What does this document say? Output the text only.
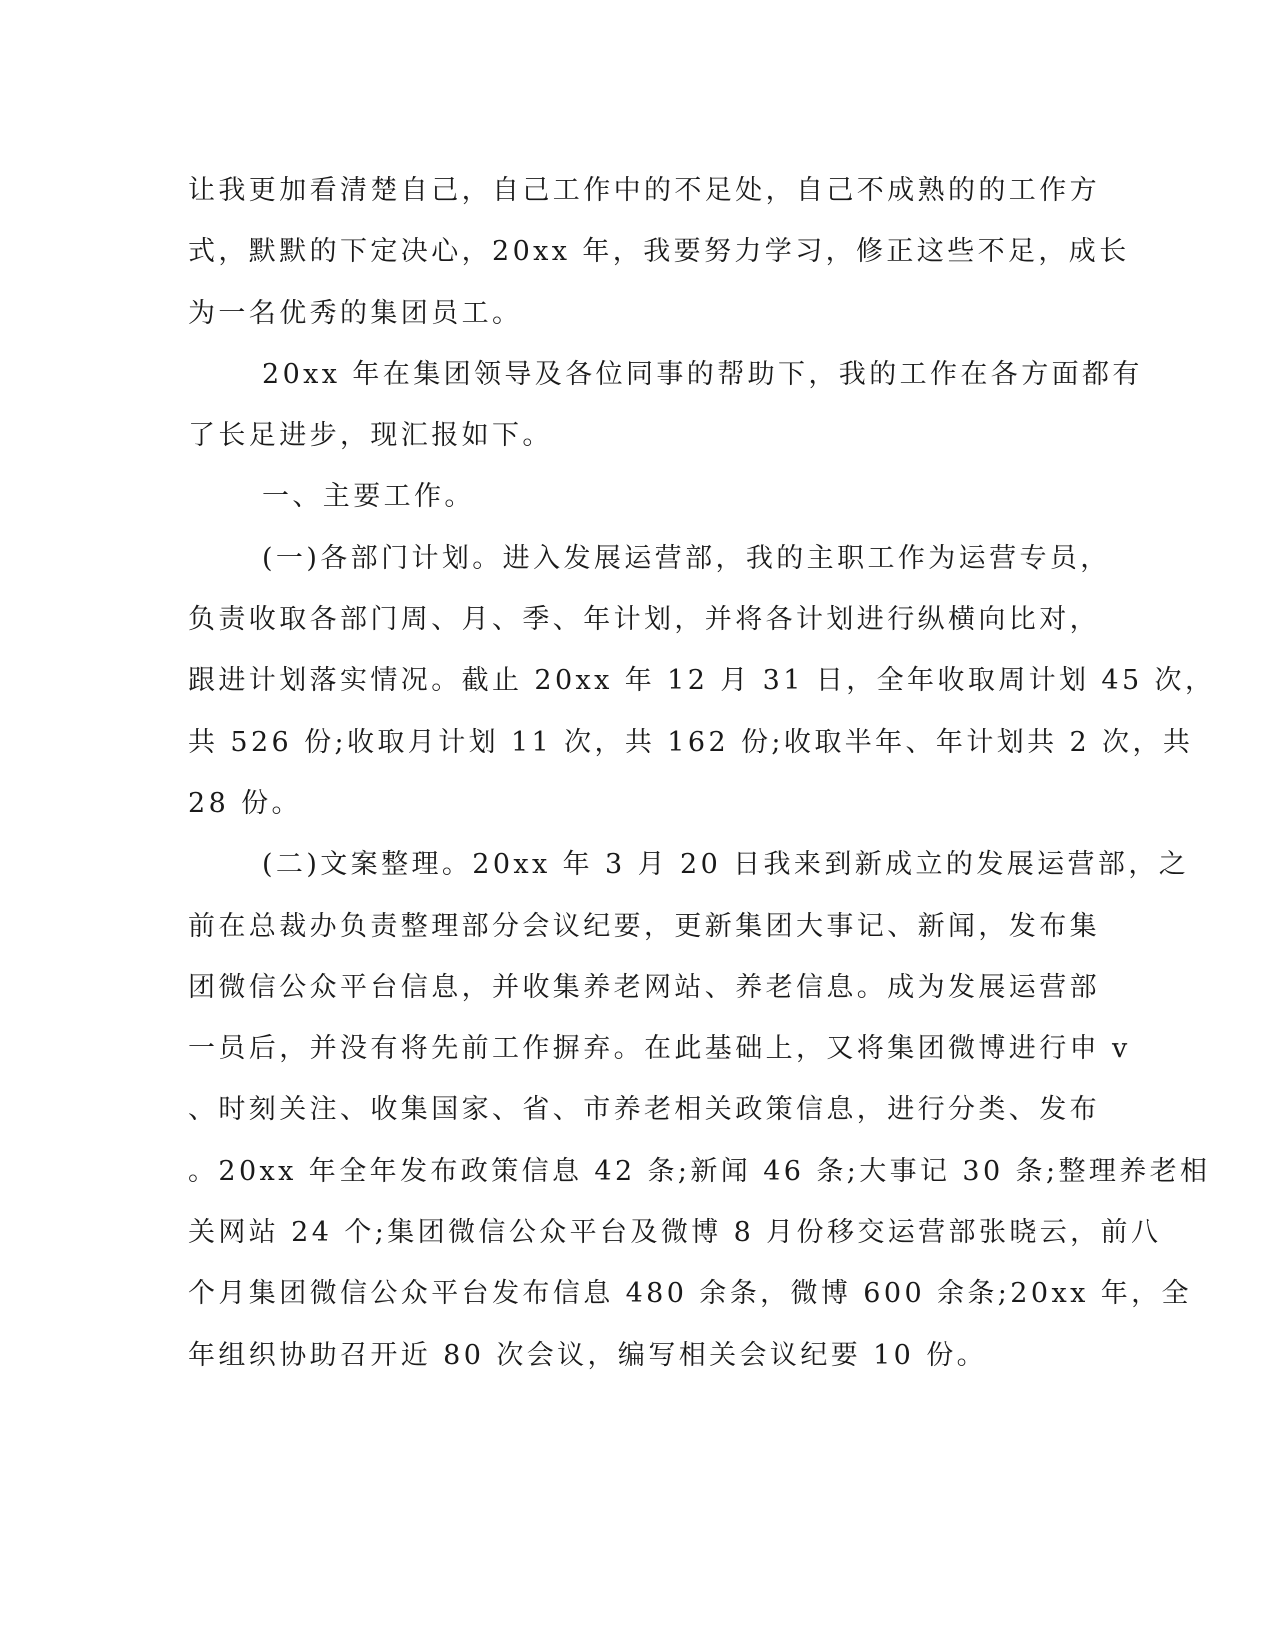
让我更加看清楚自己，自己工作中的不足处，自己不成熟的的工作方
式，默默的下定决心，20xx 年，我要努力学习，修正这些不足，成长
为一名优秀的集团员工。
20xx 年在集团领导及各位同事的帮助下，我的工作在各方面都有
了长足进步，现汇报如下。
一、主要工作。
(一)各部门计划。进入发展运营部，我的主职工作为运营专员，
负责收取各部门周、月、季、年计划，并将各计划进行纵横向比对，
跟进计划落实情况。截止 20xx 年 12 月 31 日，全年收取周计划 45 次，
共 526 份;收取月计划 11 次，共 162 份;收取半年、年计划共 2 次，共
28 份。
(二)文案整理。20xx 年 3 月 20 日我来到新成立的发展运营部，之
前在总裁办负责整理部分会议纪要，更新集团大事记、新闻，发布集
团微信公众平台信息，并收集养老网站、养老信息。成为发展运营部
一员后，并没有将先前工作摒弃。在此基础上，又将集团微博进行申 v
、时刻关注、收集国家、省、市养老相关政策信息，进行分类、发布
。20xx 年全年发布政策信息 42 条;新闻 46 条;大事记 30 条;整理养老相
关网站 24 个;集团微信公众平台及微博 8 月份移交运营部张晓云，前八
个月集团微信公众平台发布信息 480 余条，微博 600 余条;20xx 年，全
年组织协助召开近 80 次会议，编写相关会议纪要 10 份。
